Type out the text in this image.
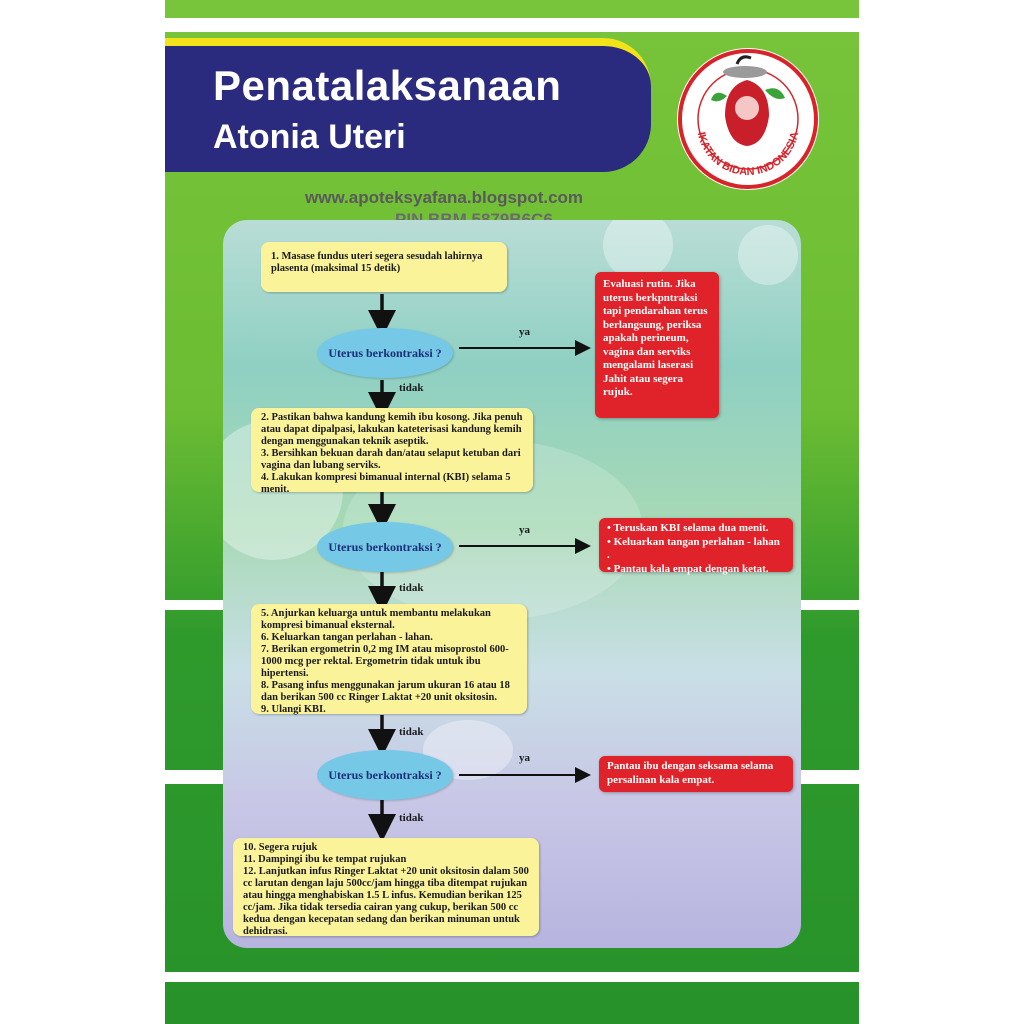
Penatalaksanaan
Atonia Uteri	IKATAN BIDAN INDONESIA
www.apoteksyafana.blogspot.com

1. Masase fundus uteri segera sesudah lahirnya plasenta (maksimal 15 detik)

Uterus berkontraksi ?
ya
tidak

Evaluasi rutin. Jika uterus berkpntraksi tapi pendarahan terus berlangsung, periksa apakah perineum, vagina dan serviks mengalami laserasi Jahit atau segera rujuk.

2. Pastikan bahwa kandung kemih ibu kosong. Jika penuh atau dapat dipalpasi, lakukan kateterisasi kandung kemih dengan menggunakan teknik aseptik.

3. Bersihkan bekuan darah dan/atau selaput ketuban dari vagina dan lubang serviks.

4. Lakukan kompresi bimanual internal (KBI) selama 5 menit.

Uterus berkontraksi ?
ya
tidak

• Teruskan KBI selama dua menit.

• Keluarkan tangan perlahan - lahan .

• Pantau kala empat dengan ketat.

5. Anjurkan keluarga untuk membantu melakukan kompresi bimanual eksternal.

6. Keluarkan tangan perlahan - lahan.

7. Berikan ergometrin 0,2 mg IM atau misoprostol 600-1000 mcg per rektal. Ergometrin tidak untuk ibu hipertensi.

8. Pasang infus menggunakan jarum ukuran 16 atau 18 dan berikan 500 cc Ringer Laktat +20 unit oksitosin.

9. Ulangi KBI.

tidak
Uterus berkontraksi ?
ya
tidak

Pantau ibu dengan seksama selama persalinan kala empat.

10. Segera rujuk

11. Dampingi ibu ke tempat rujukan

12. Lanjutkan infus Ringer Laktat +20 unit oksitosin dalam 500 cc larutan dengan laju 500cc/jam hingga tiba ditempat rujukan atau hingga menghabiskan 1.5 L infus. Kemudian berikan 125 cc/jam. Jika tidak tersedia cairan yang cukup, berikan 500 cc kedua dengan kecepatan sedang dan berikan minuman untuk dehidrasi.
